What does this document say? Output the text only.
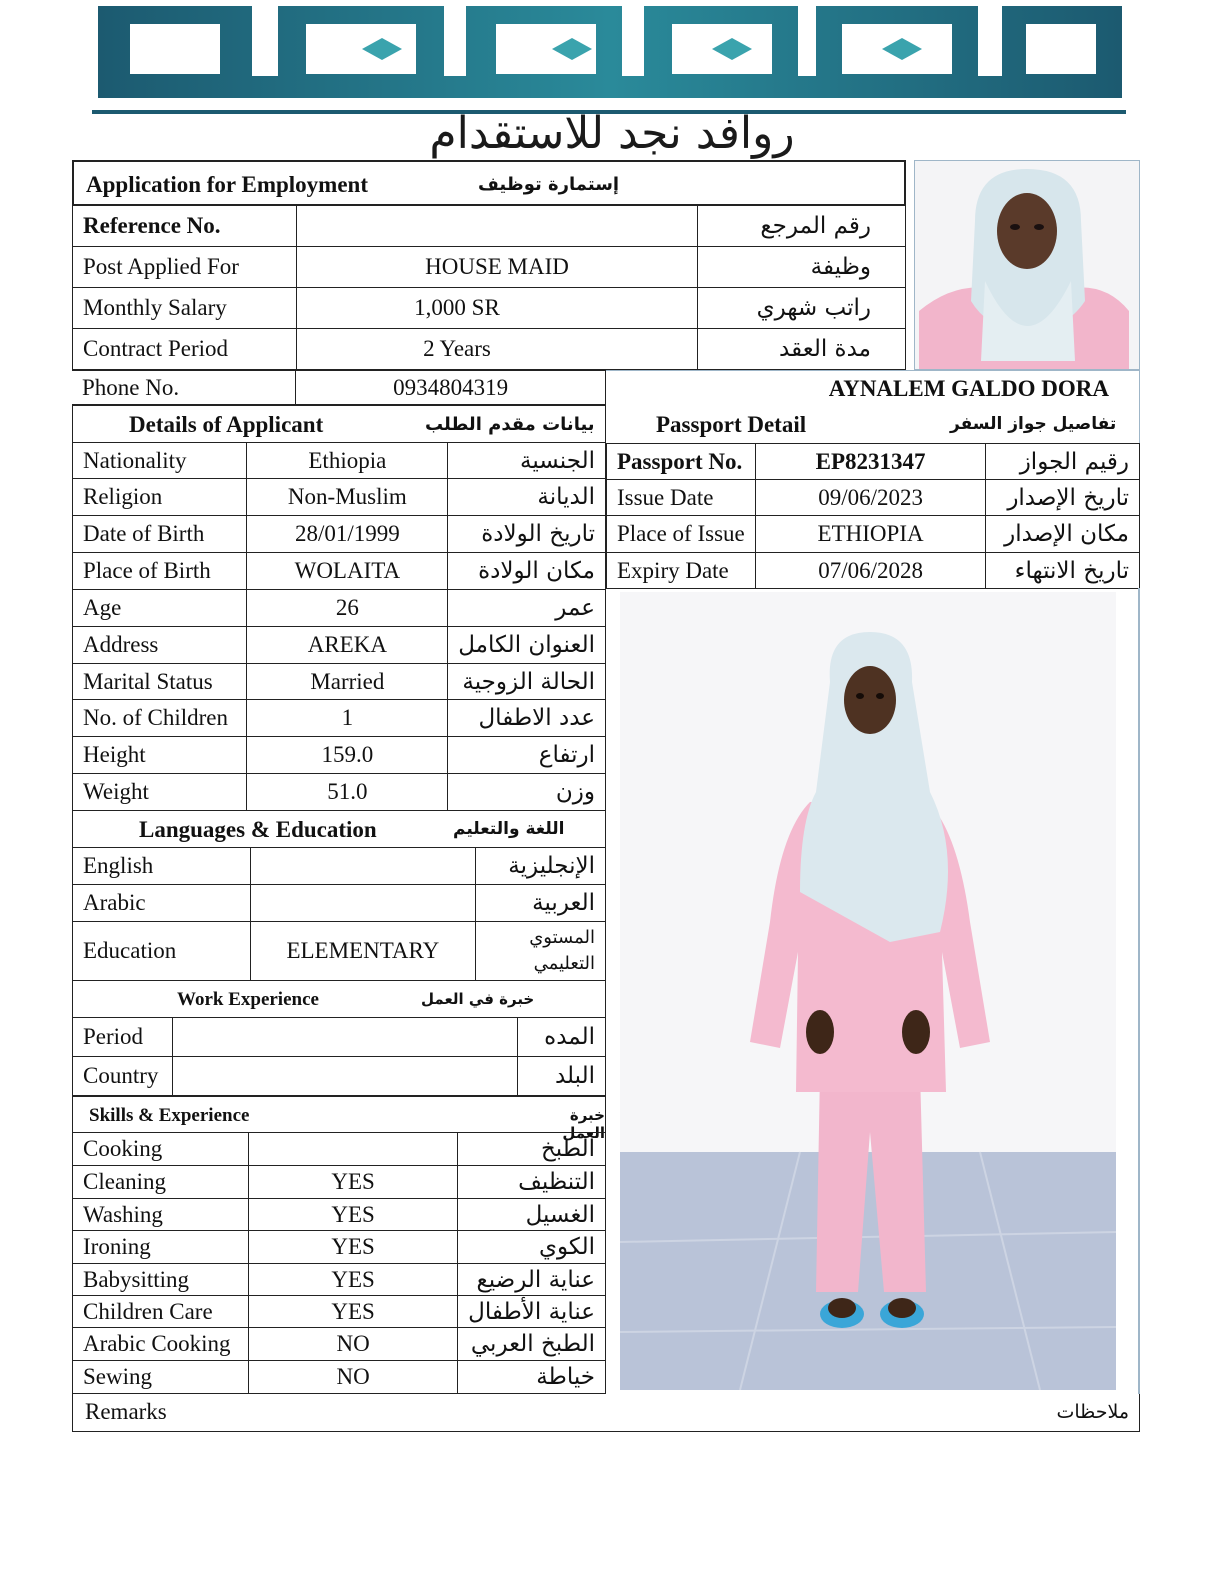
روافد نجد للاستقدام
Application for Employment	إستمارة توظيف
Reference No.		رقم المرجع
Post Applied For	HOUSE MAID	وظيفة
Monthly Salary	1,000 SR	راتب شهري
Contract Period	2 Years	مدة العقد
Phone No.	0934804319	AYNALEM GALDO DORA
Details of Applicant	بيانات مقدم الطلب
Nationality	Ethiopia	الجنسية
Religion	Non-Muslim	الديانة
Date of Birth	28/01/1999	تاريخ الولادة
Place of Birth	WOLAITA	مكان الولادة
Age	26	عمر
Address	AREKA	العنوان الكامل
Marital Status	Married	الحالة الزوجية
No. of Children	1	عدد الاطفال
Height	159.0	ارتفاع
Weight	51.0	وزن
Languages & Education	اللغة والتعليم
English		الإنجليزية
Arabic		العربية
Education	ELEMENTARY	المستوي
التعليمي
Work Experience	خبرة في العمل
Period		المده
Country		البلد
Skills & Experience	خبرة العمل
Cooking		الطبخ
Cleaning	YES	التنظيف
Washing	YES	الغسيل
Ironing	YES	الكوي
Babysitting	YES	عناية الرضيع
Children Care	YES	عناية الأطفال
Arabic Cooking	NO	الطبخ العربي
Sewing	NO	خياطة
Remarks	ملاحظات
Passport Detail	تفاصيل جواز السفر
Passport No.	EP8231347	رقيم الجواز
Issue Date	09/06/2023	تاريخ الإصدار
Place of Issue	ETHIOPIA	مكان الإصدار
Expiry Date	07/06/2028	تاريخ الانتهاء
